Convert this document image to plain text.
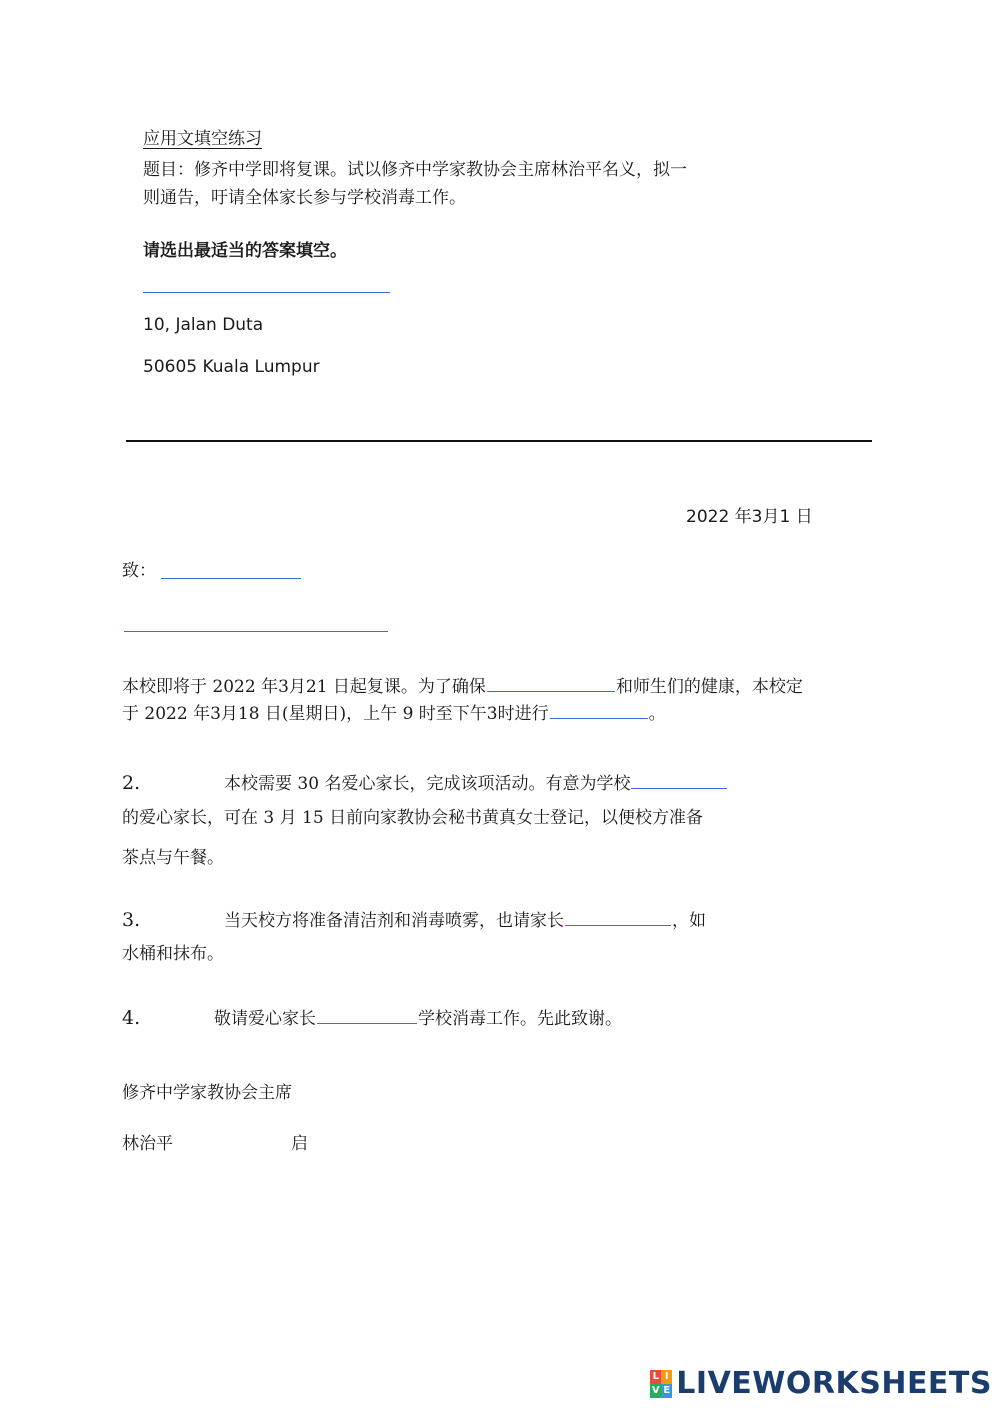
应用文填空练习
题目：修齐中学即将复课。试以修齐中学家教协会主席林治平名义，拟一
则通告，吁请全体家长参与学校消毒工作。
请选出最适当的答案填空。
10, Jalan Duta
50605 Kuala Lumpur
2022 年3月1 日
致：
本校即将于 2022 年3月21 日起复课。为了确保	和师生们的健康，本校定
于 2022 年3月18 日(星期日)，上午 9 时至下午3时进行	。
2.	本校需要 30 名爱心家长，完成该项活动。有意为学校
的爱心家长，可在 3 月 15 日前向家教协会秘书黄真女士登记，以便校方准备
茶点与午餐。
3.	当天校方将准备清洁剂和消毒喷雾，也请家长	，如
水桶和抹布。
4.	敬请爱心家长	学校消毒工作。先此致谢。
修齐中学家教协会主席
林治平	启
L I
V E LIVEWORKSHEETS
